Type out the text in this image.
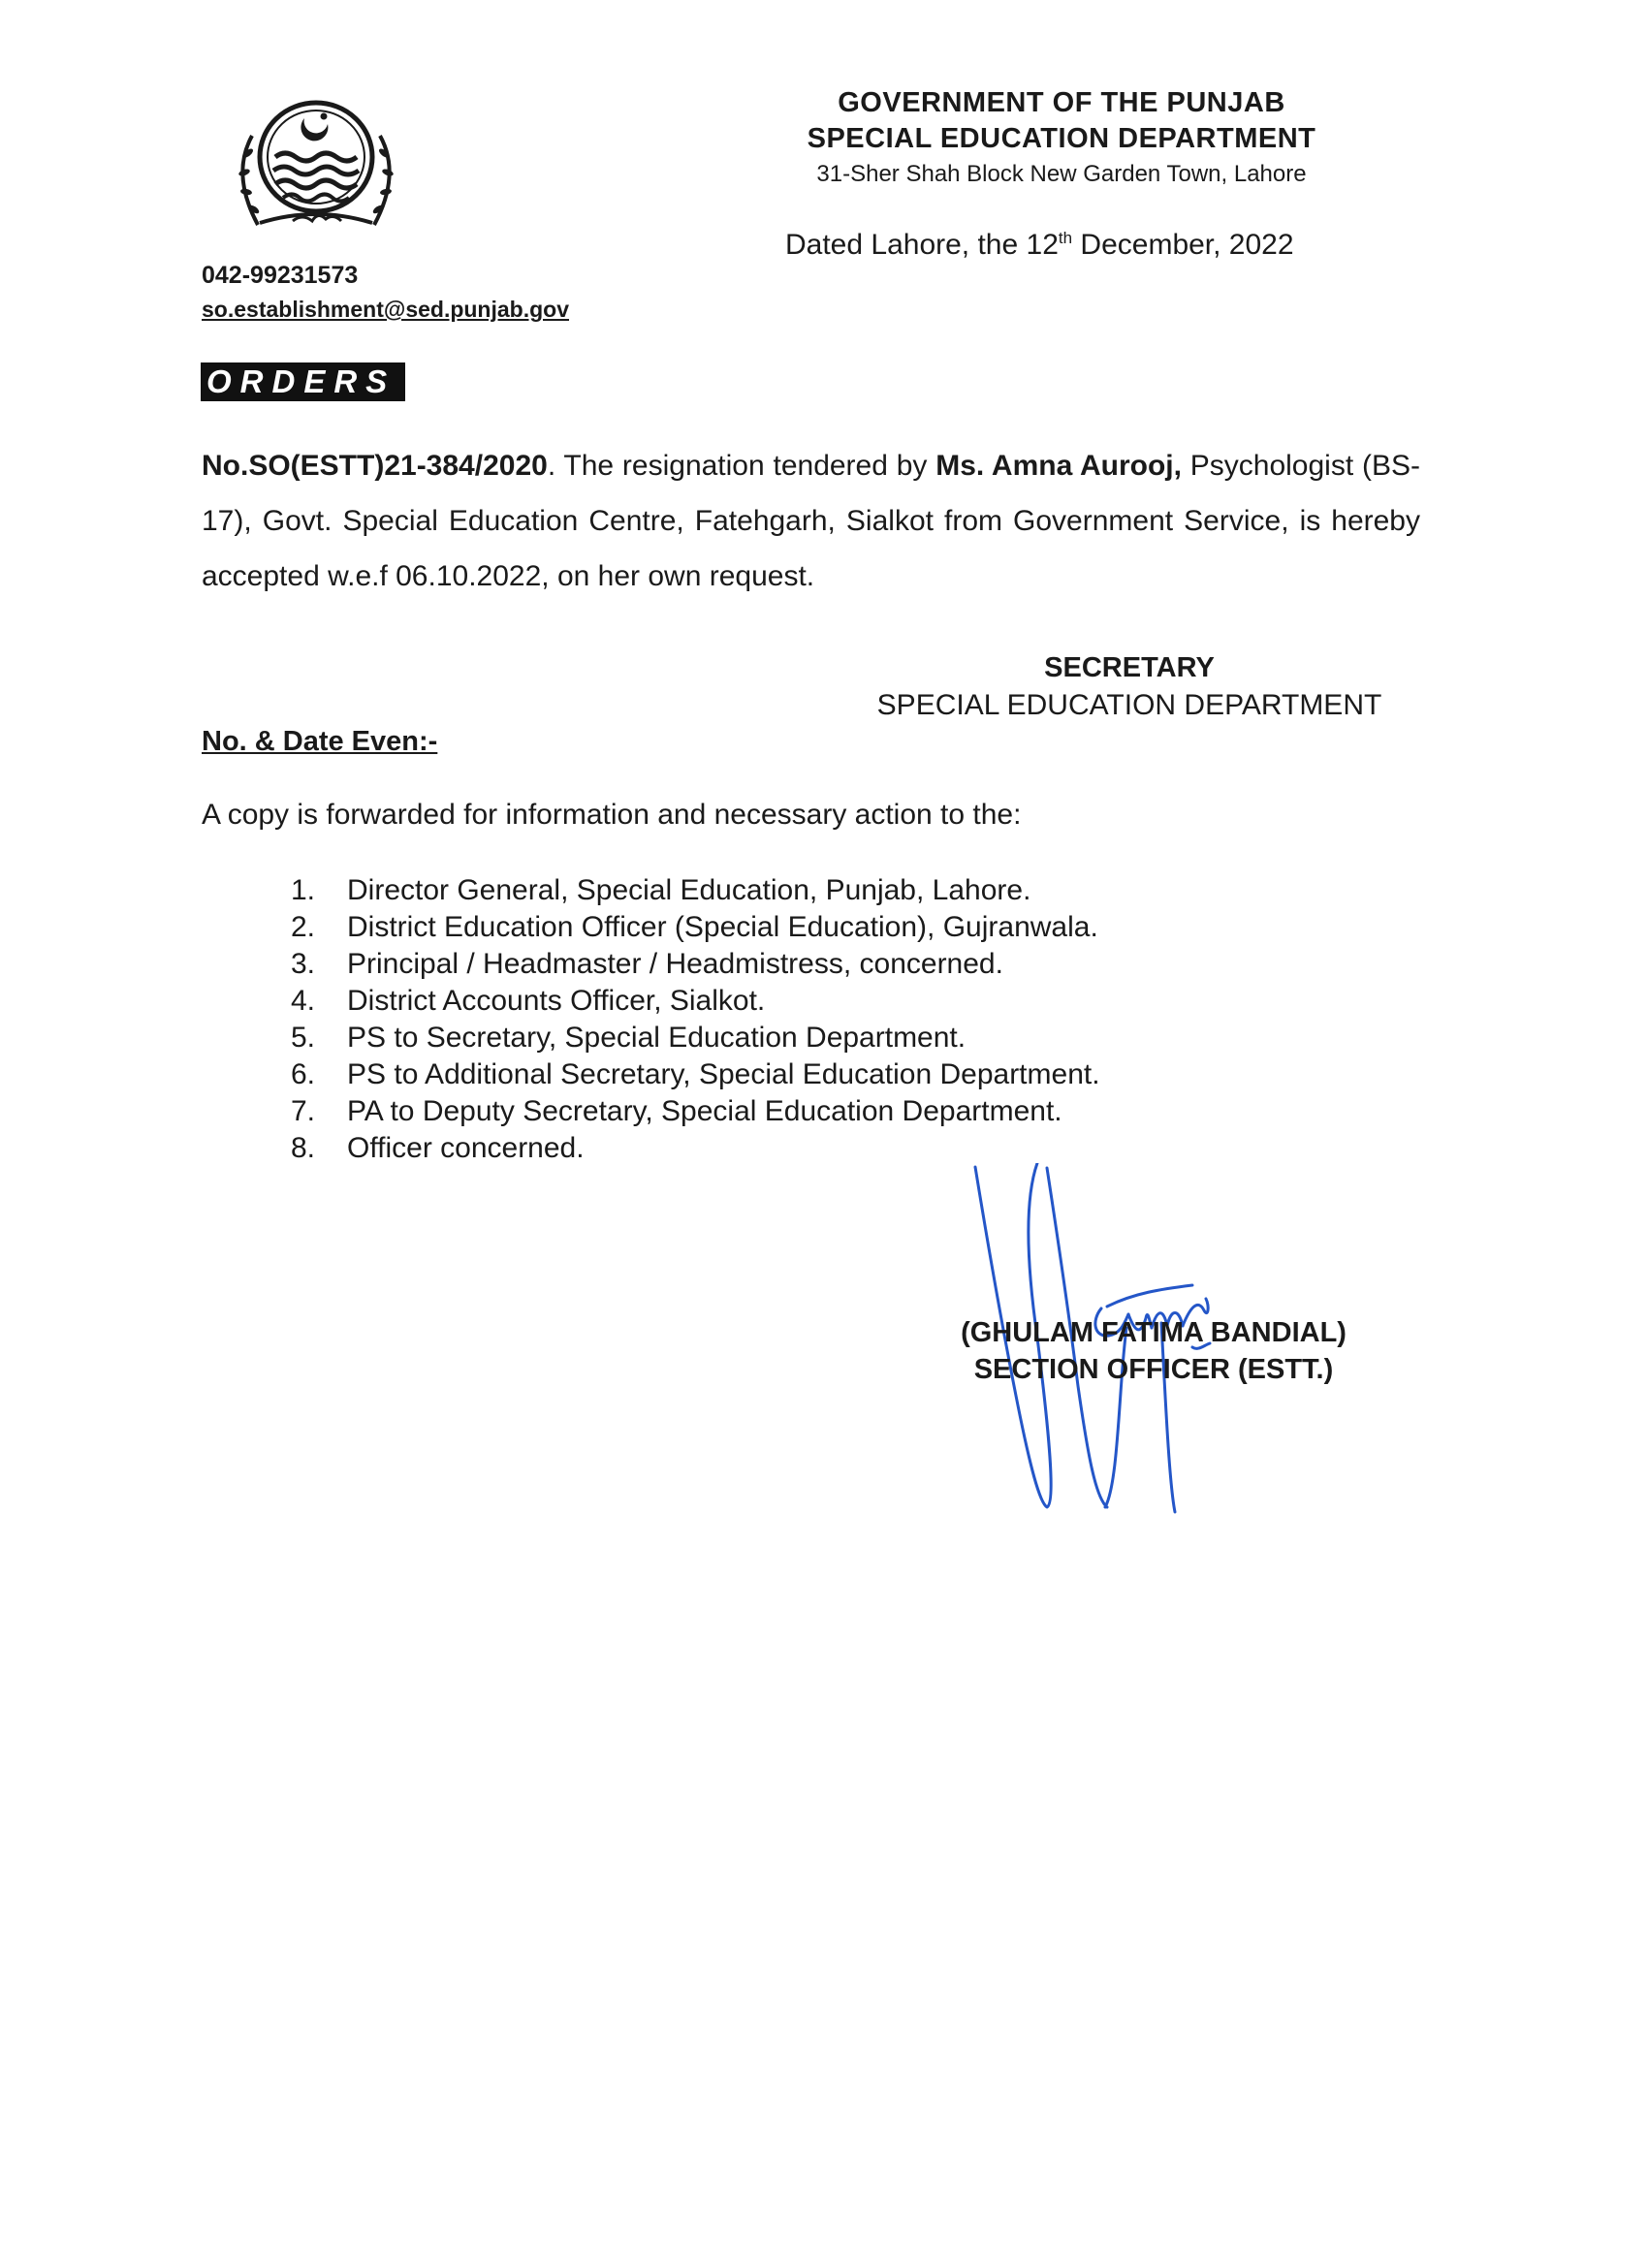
042-99231573
so.establishment@sed.punjab.gov
GOVERNMENT OF THE PUNJAB
SPECIAL EDUCATION DEPARTMENT
31-Sher Shah Block New Garden Town, Lahore
Dated Lahore, the 12th December, 2022
ORDERS
No.SO(ESTT)21-384/2020. The resignation tendered by Ms. Amna Aurooj, Psychologist (BS-17), Govt. Special Education Centre, Fatehgarh, Sialkot from Government Service, is hereby accepted w.e.f 06.10.2022, on her own request.
SECRETARY
SPECIAL EDUCATION DEPARTMENT
No. & Date Even:-
A copy is forwarded for information and necessary action to the:
1.	Director General, Special Education, Punjab, Lahore.
2.	District Education Officer (Special Education), Gujranwala.
3.	Principal / Headmaster / Headmistress, concerned.
4.	District Accounts Officer, Sialkot.
5.	PS to Secretary, Special Education Department.
6.	PS to Additional Secretary, Special Education Department.
7.	PA to Deputy Secretary, Special Education Department.
8.	Officer concerned.
(GHULAM FATIMA BANDIAL)
SECTION OFFICER (ESTT.)
